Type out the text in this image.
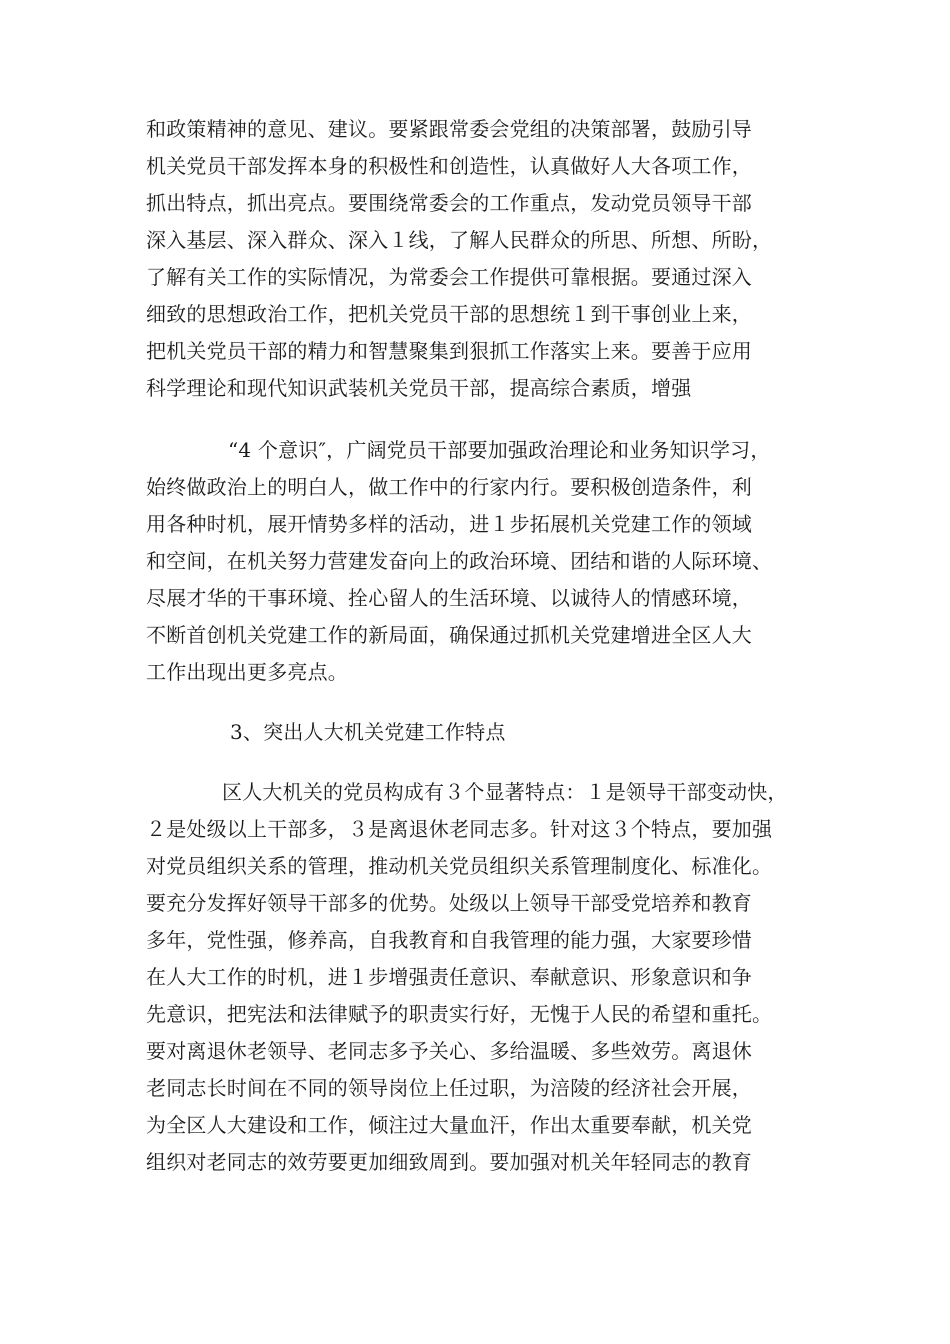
和政策精神的意见、建议。要紧跟常委会党组的决策部署，鼓励引导
机关党员干部发挥本身的积极性和创造性，认真做好人大各项工作，
抓出特点，抓出亮点。要围绕常委会的工作重点，发动党员领导干部
深入基层、深入群众、深入１线，了解人民群众的所思、所想、所盼，
了解有关工作的实际情况，为常委会工作提供可靠根据。要通过深入
细致的思想政治工作，把机关党员干部的思想统１到干事创业上来，
把机关党员干部的精力和智慧聚集到狠抓工作落实上来。要善于应用
科学理论和现代知识武装机关党员干部，提高综合素质，增强
“4 个意识″，广阔党员干部要加强政治理论和业务知识学习，
始终做政治上的明白人，做工作中的行家内行。要积极创造条件，利
用各种时机，展开情势多样的活动，进１步拓展机关党建工作的领域
和空间，在机关努力营建发奋向上的政治环境、团结和谐的人际环境、
尽展才华的干事环境、拴心留人的生活环境、以诚待人的情感环境，
不断首创机关党建工作的新局面，确保通过抓机关党建增进全区人大
工作出现出更多亮点。
3、突出人大机关党建工作特点
区人大机关的党员构成有３个显著特点：１是领导干部变动快，
２是处级以上干部多，３是离退休老同志多。针对这３个特点，要加强
对党员组织关系的管理，推动机关党员组织关系管理制度化、标准化。
要充分发挥好领导干部多的优势。处级以上领导干部受党培养和教育
多年，党性强，修养高，自我教育和自我管理的能力强，大家要珍惜
在人大工作的时机，进１步增强责任意识、奉献意识、形象意识和争
先意识，把宪法和法律赋予的职责实行好，无愧于人民的希望和重托。
要对离退休老领导、老同志多予关心、多给温暖、多些效劳。离退休
老同志长时间在不同的领导岗位上任过职，为涪陵的经济社会开展，
为全区人大建设和工作，倾注过大量血汗，作出太重要奉献，机关党
组织对老同志的效劳要更加细致周到。要加强对机关年轻同志的教育
